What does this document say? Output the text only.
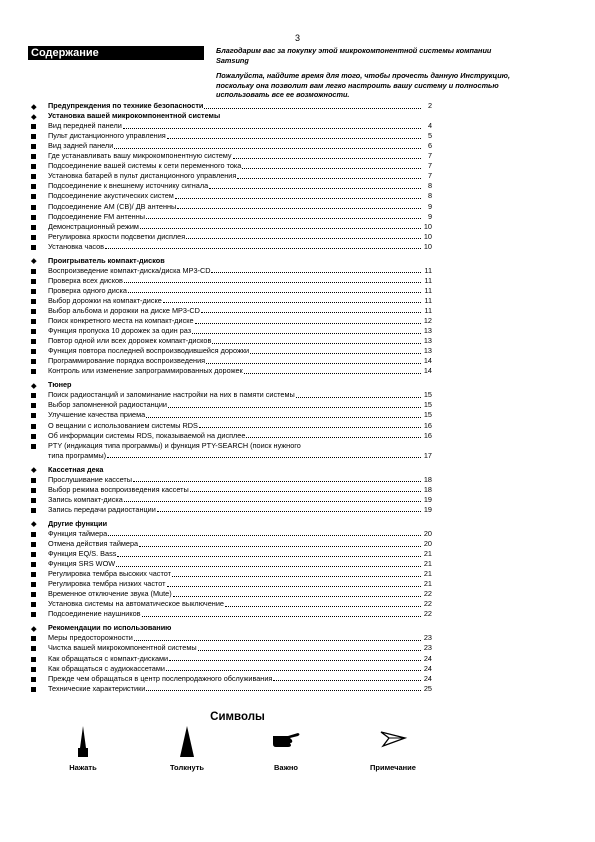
3
Содержание	Благодарим вас за покупку этой микрокомпонентной системы компании Samsung
Пожалуйста, найдите время для того, чтобы прочесть данную Инструкцию, поскольку она позволит вам легко настроить вашу систему и полностью использовать все ее возможности.
Предупреждения по технике безопасности	2
Установка вашей микрокомпонентной системы
Вид передней панели	4
Пульт дистанционного управления	5
Вид задней панели	6
Где устанавливать вашу микрокомпонентную систему	7
Подсоединение вашей системы к сети переменного тока	7
Установка батарей в пульт дистанционного управления	7
Подсоединение к внешнему источнику сигнала	8
Подсоединение акустических систем	8
Подсоединение АМ (СВ)/ ДВ антенны	9
Подсоединение FM антенны	9
Демонстрационный режим	10
Регулировка яркости подсветки дисплея	10
Установка часов	10
Проигрыватель компакт-дисков
Воспроизведение компакт-диска/диска MP3-CD	11
Проверка всех дисков	11
Проверка одного диска	11
Выбор дорожки на компакт-диске	11
Выбор альбома и дорожки на диске MP3-CD	11
Поиск конкретного места на компакт-диске	12
Функция пропуска 10 дорожек за один раз	13
Повтор одной или всех дорожек компакт-дисков	13
Функция повтора последней воспроизводившейся дорожки	13
Программирование порядка воспроизведения	14
Контроль или изменение запрограммированных дорожек	14
Тюнер
Поиск радиостанций и запоминание настройки на них в памяти системы	15
Выбор запомненной радиостанции	15
Улучшение качества приема	15
О вещании с использованием системы RDS	16
Об информации системы RDS, показываемой на дисплее	16
PTY (индикация типа программы) и функция PTY-SEARCH (поиск нужного
типа программы)	17
Кассетная дека
Прослушивание кассеты	18
Выбор режима воспроизведения кассеты	18
Запись компакт-диска	19
Запись передачи радиостанции	19
Другие функции
Функция таймера	20
Отмена действия таймера	20
Функция EQ/S. Bass	21
Функция SRS WOW	21
Регулировка тембра высоких частот	21
Регулировка тембра низких частот	21
Временное отключение звука (Mute)	22
Установка системы на автоматическое выключение	22
Подсоединение наушников	22
Рекомендации по использованию
Меры предосторожности	23
Чистка вашей микрокомпонентной системы	23
Как обращаться с компакт-дисками	24
Как обращаться с аудиокассетами	24
Прежде чем обращаться в центр послепродажного обслуживания	24
Технические характеристики	25
Символы
Нажать	Толкнуть	Важно	Примечание
